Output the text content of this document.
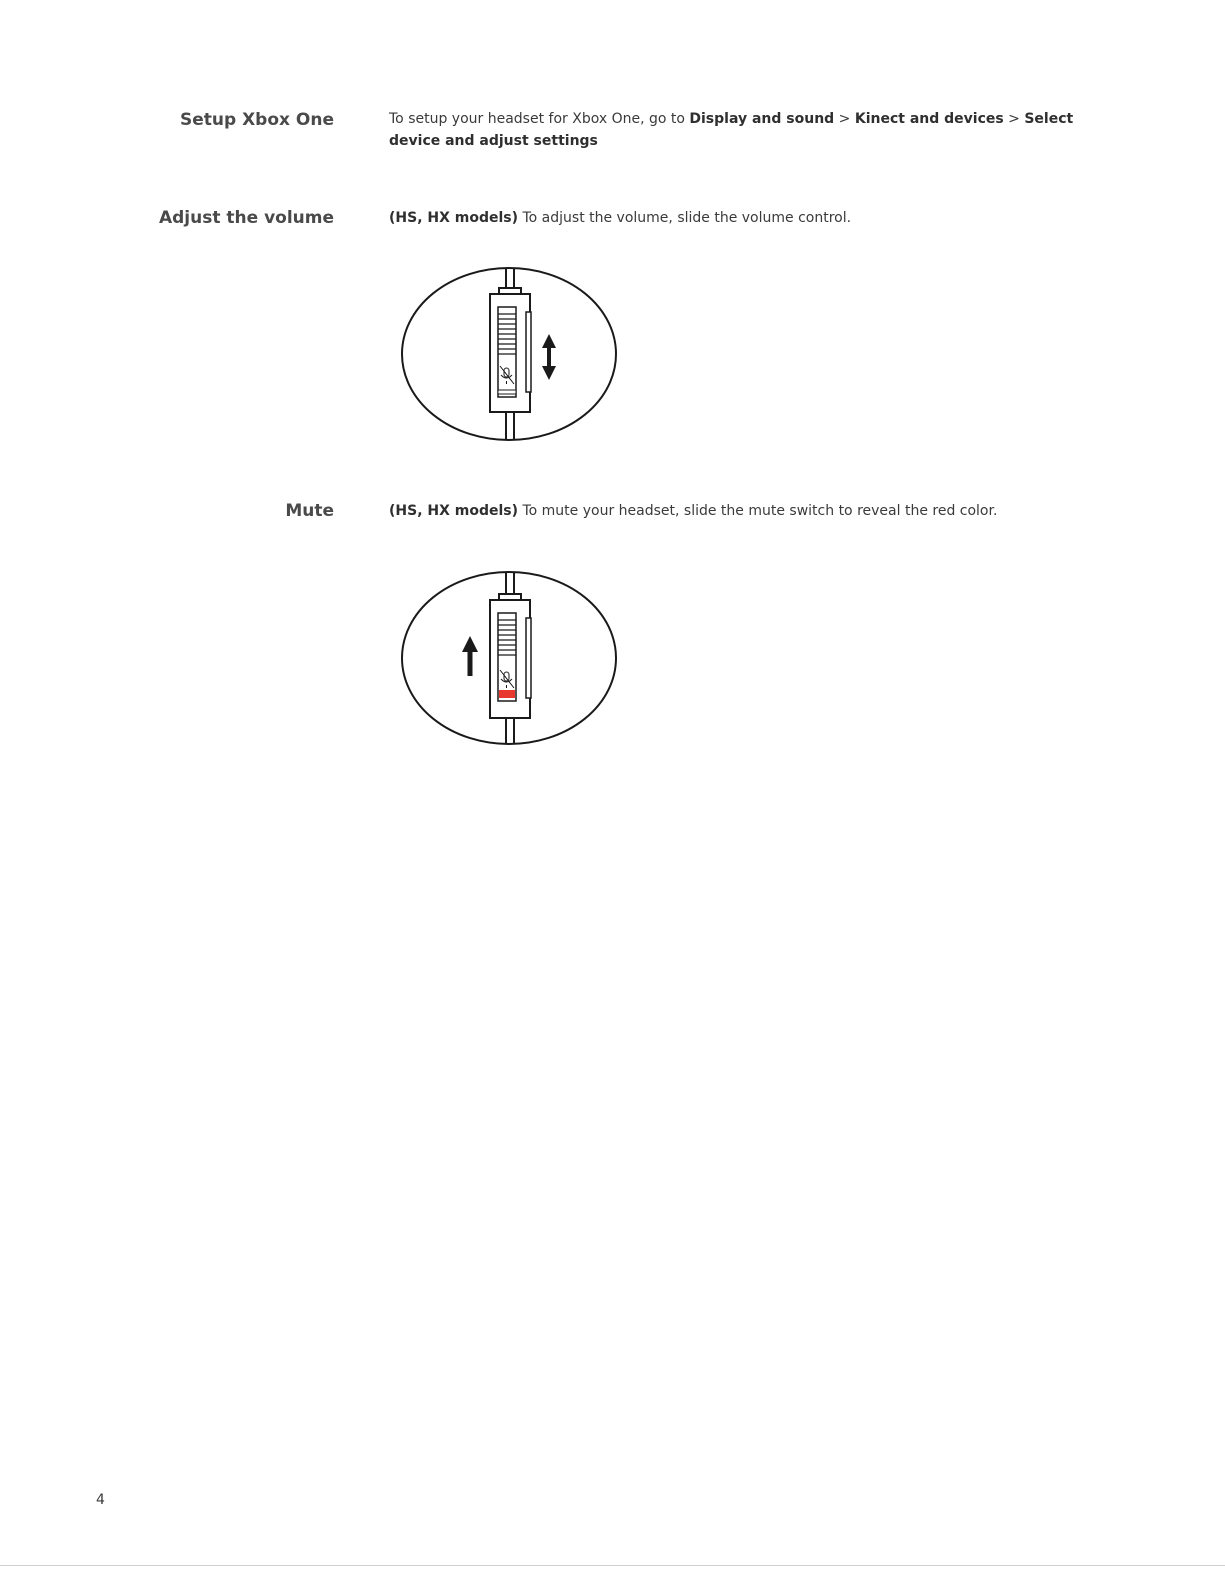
Setup Xbox One	To setup your headset for Xbox One, go to Display and sound > Kinect and devices > Select device and adjust settings
Adjust the volume	(HS, HX models) To adjust the volume, slide the volume control.
Mute	(HS, HX models) To mute your headset, slide the mute switch to reveal the red color.
4
